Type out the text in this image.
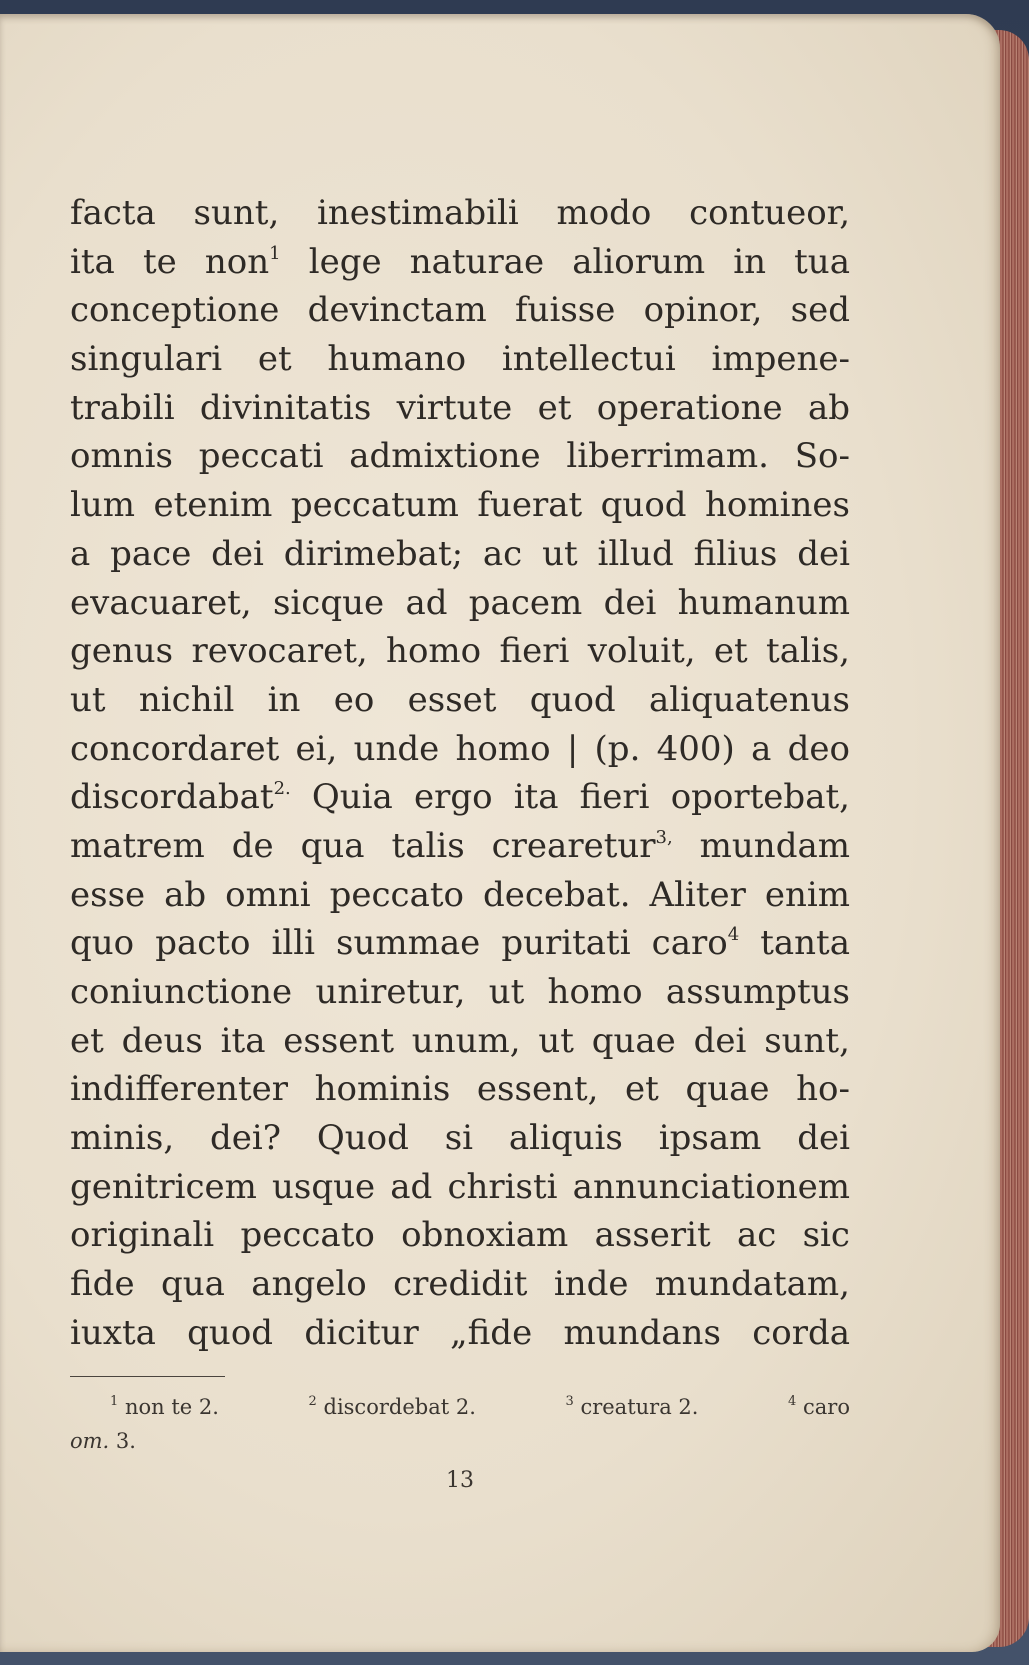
facta sunt, inestimabili modo contueor,
ita te non$^1$ lege naturae aliorum in tua
conceptione devinctam fuisse opinor, sed
singulari et humano intellectui impene-
trabili divinitatis virtute et operatione ab
omnis peccati admixtione liberrimam. So-
lum etenim peccatum fuerat quod homines
a pace dei dirimebat; ac ut illud filius dei
evacuaret, sicque ad pacem dei humanum
genus revocaret, homo fieri voluit, et talis,
ut nichil in eo esset quod aliquatenus
concordaret ei, unde homo | (p. 400) a deo
discordabat$^{2.}$ Quia ergo ita fieri oportebat,
matrem de qua talis crearetur$^{3,}$ mundam
esse ab omni peccato decebat. Aliter enim
quo pacto illi summae puritati caro$^4$ tanta
coniunctione uniretur, ut homo assumptus
et deus ita essent unum, ut quae dei sunt,
indifferenter hominis essent, et quae ho-
minis, dei? Quod si aliquis ipsam dei
genitricem usque ad christi annunciationem
originali peccato obnoxiam asserit ac sic
fide qua angelo credidit inde mundatam,
iuxta quod dicitur „fide mundans corda
$^1$ non te 2.	$^2$ discordebat 2.	$^3$ creatura 2.	$^4$ caro
om. 3.
13
